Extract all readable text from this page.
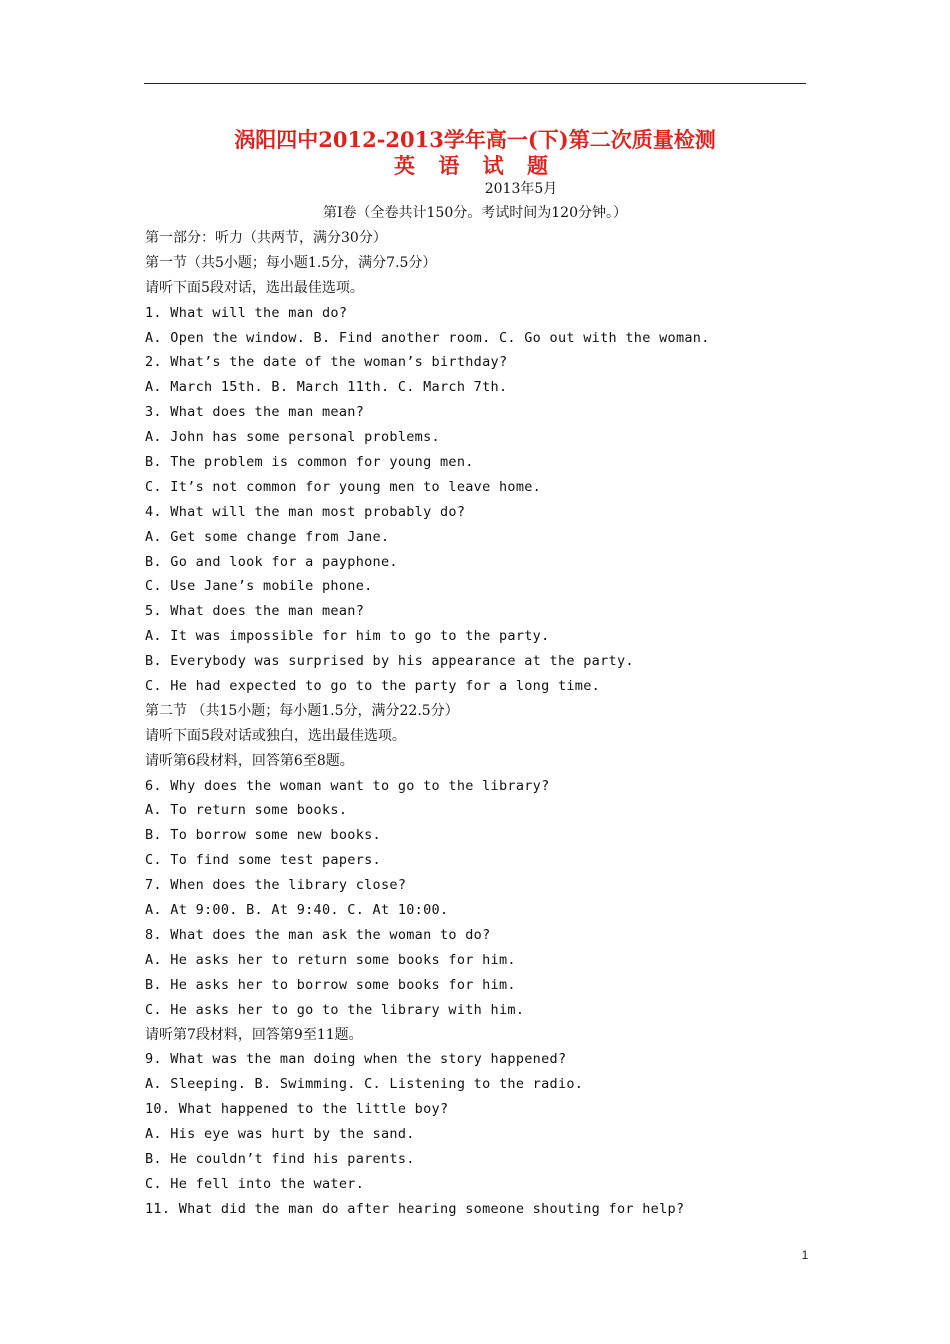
涡阳四中2012-2013学年高一(下)第二次质量检测
英 语 试 题
2013年5月
第Ⅰ卷（全卷共计150分。考试时间为120分钟。）
第一部分：听力（共两节，满分30分）
第一节（共5小题；每小题1.5分，满分7.5分）
请听下面5段对话，选出最佳选项。
1. What will the man do?
A. Open the window. B. Find another room. C. Go out with the woman.
2. What’s the date of the woman’s birthday?
A. March 15th. B. March 11th. C. March 7th.
3. What does the man mean?
A. John has some personal problems.
B. The problem is common for young men.
C. It’s not common for young men to leave home.
4. What will the man most probably do?
A. Get some change from Jane.
B. Go and look for a payphone.
C. Use Jane’s mobile phone.
5. What does the man mean?
A. It was impossible for him to go to the party.
B. Everybody was surprised by his appearance at the party.
C. He had expected to go to the party for a long time.
第二节 （共15小题；每小题1.5分，满分22.5分）
请听下面5段对话或独白，选出最佳选项。
请听第6段材料，回答第6至8题。
6. Why does the woman want to go to the library?
A. To return some books.
B. To borrow some new books.
C. To find some test papers.
7. When does the library close?
A. At 9:00. B. At 9:40. C. At 10:00.
8. What does the man ask the woman to do?
A. He asks her to return some books for him.
B. He asks her to borrow some books for him.
C. He asks her to go to the library with him.
请听第7段材料，回答第9至11题。
9. What was the man doing when the story happened?
A. Sleeping. B. Swimming. C. Listening to the radio.
10. What happened to the little boy?
A. His eye was hurt by the sand.
B. He couldn’t find his parents.
C. He fell into the water.
11. What did the man do after hearing someone shouting for help?
1
